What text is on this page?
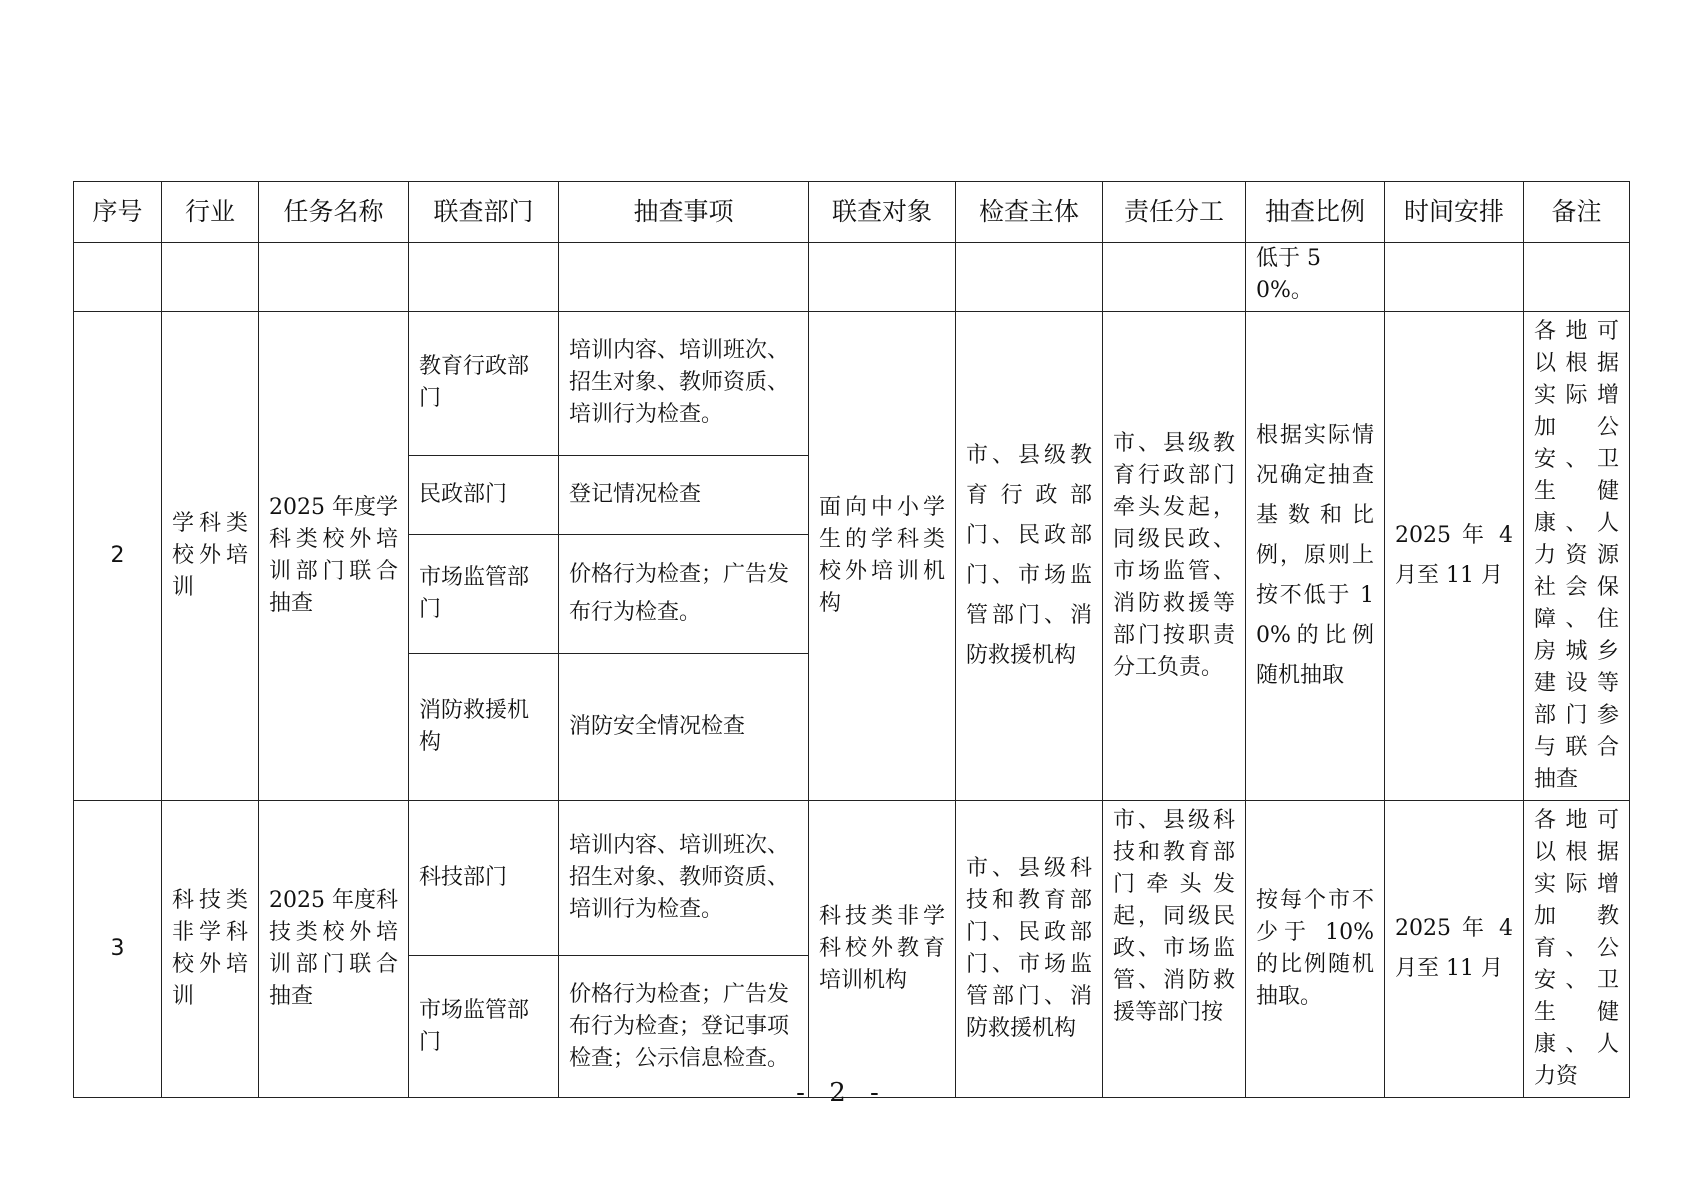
序号	行业	任务名称	联查部门	抽查事项	联查对象	检查主体	责任分工	抽查比例	时间安排	备注
								低于 50%。		
2	学科类校外培训	2025 年度学科类校外培训部门联合抽查	教育行政部门	培训内容、培训班次、招生对象、教师资质、培训行为检查。	面向中小学生的学科类校外培训机构	市、县级教育行政部门、民政部门、市场监管部门、消防救援机构	市、县级教育行政部门牵头发起，同级民政、市场监管、消防救援等部门按职责分工负责。	根据实际情况确定抽查基数和比例，原则上按不低于 10%的比例随机抽取	2025 年 4 月至 11 月	各地可以根据实际增加公安、卫生健康、人力资源社会保障、住房城乡建设等部门参与联合抽查
			民政部门	登记情况检查						
			市场监管部门	价格行为检查；广告发布行为检查。						
			消防救援机构	消防安全情况检查						
3	科技类非学科校外培训	2025 年度科技类校外培训部门联合抽查	科技部门	培训内容、培训班次、招生对象、教师资质、培训行为检查。	科技类非学科校外教育培训机构	市、县级科技和教育部门、民政部门、市场监管部门、消防救援机构	市、县级科技和教育部门牵头发起，同级民政、市场监管、消防救援等部门按	按每个市不少于 10%的比例随机抽取。	2025 年 4 月至 11 月	各地可以根据实际增加教育、公安、卫生健康、人力资
			市场监管部门	价格行为检查；广告发布行为检查；登记事项检查；公示信息检查。						
- 2 -
